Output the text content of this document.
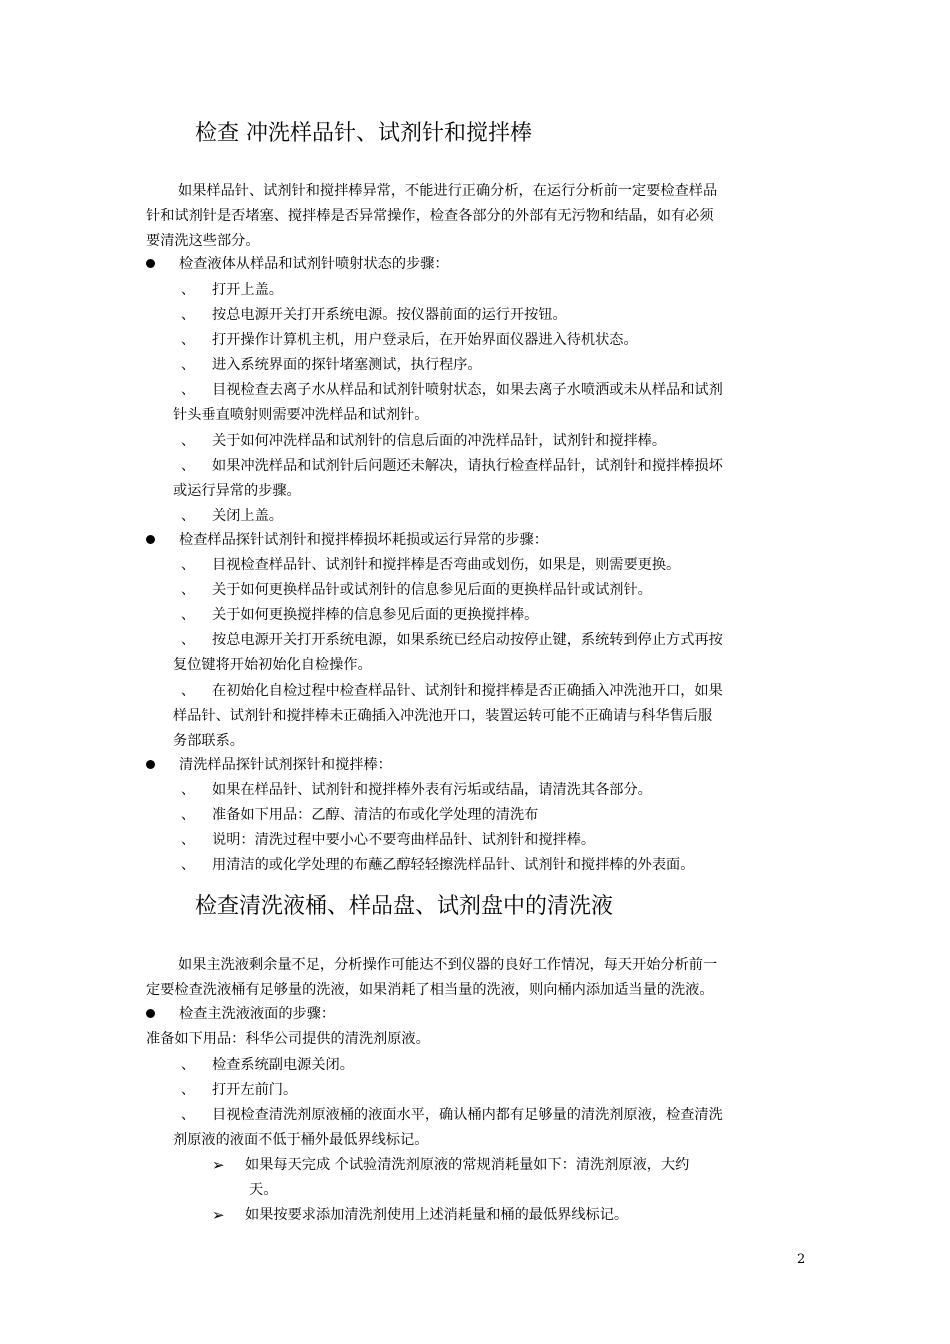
检查 冲洗样品针、试剂针和搅拌棒
如果样品针、试剂针和搅拌棒异常，不能进行正确分析，在运行分析前一定要检查样品
针和试剂针是否堵塞、搅拌棒是否异常操作，检查各部分的外部有无污物和结晶，如有必须
要清洗这些部分。
检查液体从样品和试剂针喷射状态的步骤：
、 打开上盖。
、 按总电源开关打开系统电源。按仪器前面的运行开按钮。
、 打开操作计算机主机，用户登录后，在开始界面仪器进入待机状态。
、 进入系统界面的探针堵塞测试，执行程序。
、 目视检查去离子水从样品和试剂针喷射状态，如果去离子水喷洒或未从样品和试剂
针头垂直喷射则需要冲洗样品和试剂针。
、 关于如何冲洗样品和试剂针的信息后面的冲洗样品针，试剂针和搅拌棒。
、 如果冲洗样品和试剂针后问题还未解决，请执行检查样品针，试剂针和搅拌棒损坏
或运行异常的步骤。
、 关闭上盖。
检查样品探针试剂针和搅拌棒损坏耗损或运行异常的步骤：
、 目视检查样品针、试剂针和搅拌棒是否弯曲或划伤，如果是，则需要更换。
、 关于如何更换样品针或试剂针的信息参见后面的更换样品针或试剂针。
、 关于如何更换搅拌棒的信息参见后面的更换搅拌棒。
、 按总电源开关打开系统电源，如果系统已经启动按停止键，系统转到停止方式再按
复位键将开始初始化自检操作。
、 在初始化自检过程中检查样品针、试剂针和搅拌棒是否正确插入冲洗池开口，如果
样品针、试剂针和搅拌棒未正确插入冲洗池开口，装置运转可能不正确请与科华售后服
务部联系。
清洗样品探针试剂探针和搅拌棒：
、 如果在样品针、试剂针和搅拌棒外表有污垢或结晶，请清洗其各部分。
、 准备如下用品：乙醇、清洁的布或化学处理的清洗布
、 说明：清洗过程中要小心不要弯曲样品针、试剂针和搅拌棒。
、 用清洁的或化学处理的布蘸乙醇轻轻擦洗样品针、试剂针和搅拌棒的外表面。
检查清洗液桶、样品盘、试剂盘中的清洗液
如果主洗液剩余量不足，分析操作可能达不到仪器的良好工作情况，每天开始分析前一
定要检查洗液桶有足够量的洗液，如果消耗了相当量的洗液，则向桶内添加适当量的洗液。
检查主洗液液面的步骤：
准备如下用品：科华公司提供的清洗剂原液。
、 检查系统副电源关闭。
、 打开左前门。
、 目视检查清洗剂原液桶的液面水平，确认桶内都有足够量的清洗剂原液，检查清洗
剂原液的液面不低于桶外最低界线标记。
➢ 如果每天完成 个试验清洗剂原液的常规消耗量如下：清洗剂原液，大约
天。
➢ 如果按要求添加清洗剂使用上述消耗量和桶的最低界线标记。
2
